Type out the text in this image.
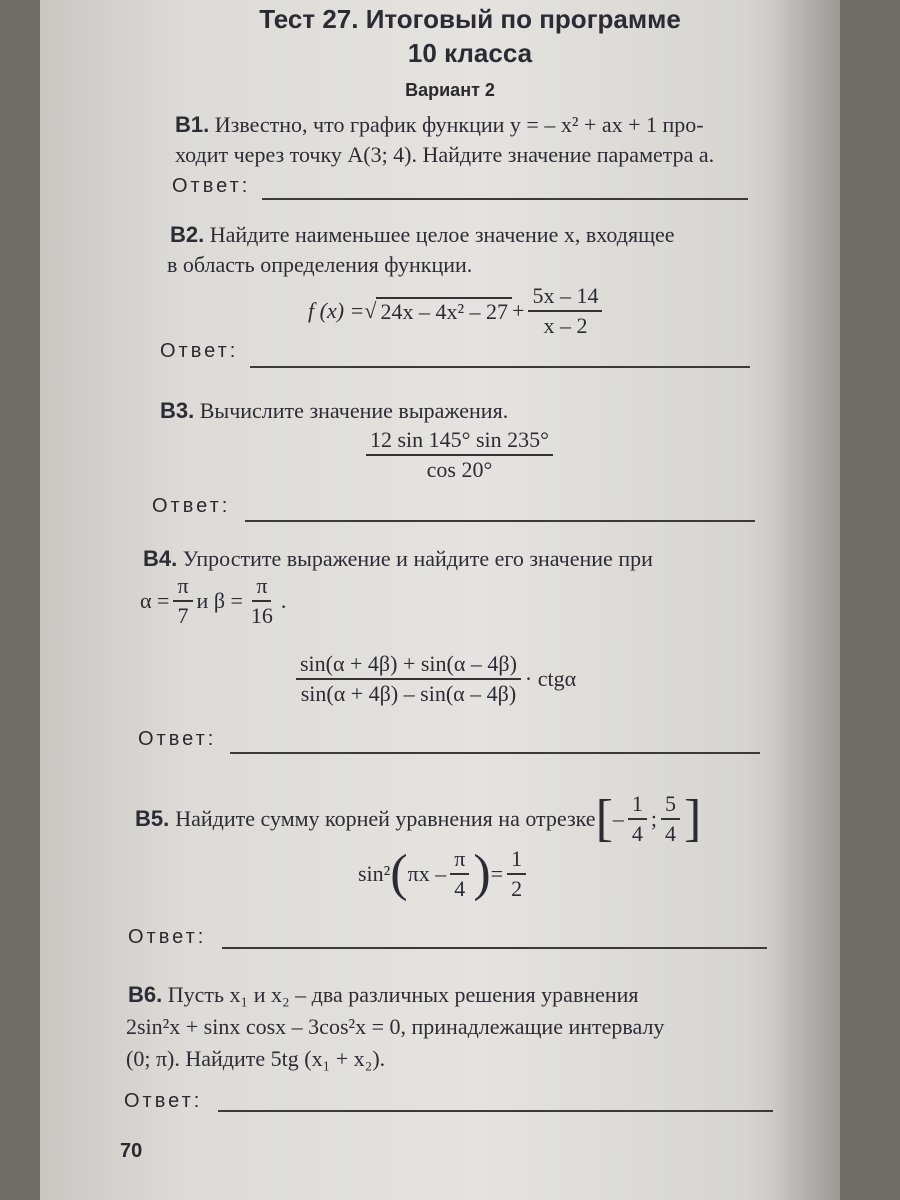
Тест 27. Итоговый по программе
10 класса
Вариант 2
В1. Известно, что график функции y = – x² + ax + 1 про-
ходит через точку A(3; 4). Найдите значение параметра a.
Ответ:
В2. Найдите наименьшее целое значение x, входящее
в область определения функции.
f (x) = √ $24x - 4x^2 - 27 + \frac{5x - 14}{x - 2}$
Ответ:
В3. Вычислите значение выражения.
$\frac{12 \sin 145^\circ \sin 235^\circ}{\cos 20^\circ}$
Ответ:
В4. Упростите выражение и найдите его значение при
$\alpha = \frac{\pi}{7}$ и $\beta = \frac{\pi}{16}$ .
$\frac{\sin(\alpha + 4\beta) + \sin(\alpha - 4\beta)}{\sin(\alpha + 4\beta) - \sin(\alpha - 4\beta)} \cdot ctg\alpha$
Ответ:
В5. Найдите сумму корней уравнения на отрезке [ – $\frac{1}{4}$ ; $\frac{5}{4}$ ]
sin² ( πx – $\frac{\pi}{4}$ ) = $\frac{1}{2}$
Ответ:
В6. Пусть x₁ и x₂ – два различных решения уравнения
2sin²x + sinx cosx – 3cos²x = 0, принадлежащие интервалу
(0; π). Найдите 5tg (x₁ + x₂).
Ответ:
70
